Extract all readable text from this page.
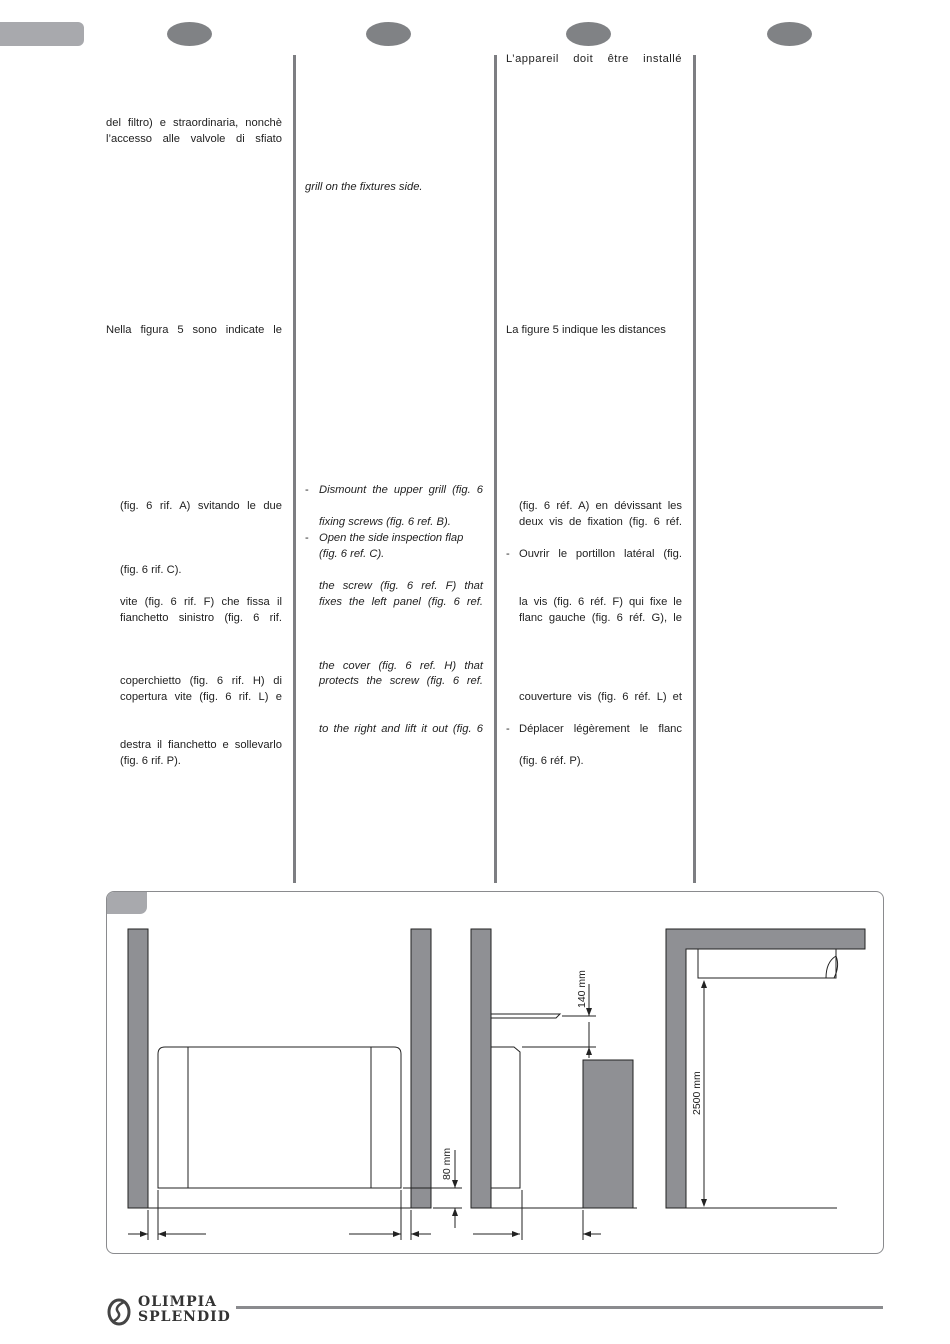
del filtro) e straordinaria, nonchè
l’accesso alle valvole di sfiato
Nella figura 5 sono indicate le
(fig. 6 rif. A) svitando le due
(fig. 6 rif. C).
vite (fig. 6 rif. F) che fissa il
fianchetto sinistro (fig. 6 rif.
coperchietto (fig. 6 rif. H) di
copertura vite (fig. 6 rif. L) e
destra il fianchetto e sollevarlo
(fig. 6 rif. P).
grill on the fixtures side.
- Dismount the upper grill (fig. 6
fixing screws (fig. 6 ref. B).
- Open the side inspection flap
(fig. 6 ref. C).
the screw (fig. 6 ref. F) that
fixes the left panel (fig. 6 ref.
the cover (fig. 6 ref. H) that
protects the screw (fig. 6 ref.
to the right and lift it out (fig. 6
L’appareil doit être installé
La figure 5 indique les distances
(fig. 6 réf. A) en dévissant les
deux vis de fixation (fig. 6 réf.
- Ouvrir le portillon latéral (fig.
la vis (fig. 6 réf. F) qui fixe le
flanc gauche (fig. 6 réf. G), le
couverture vis (fig. 6 réf. L) et
- Déplacer légèrement le flanc
(fig. 6 réf. P).
80 mm
140 mm
2500 mm
OLIMPIA
SPLENDID
